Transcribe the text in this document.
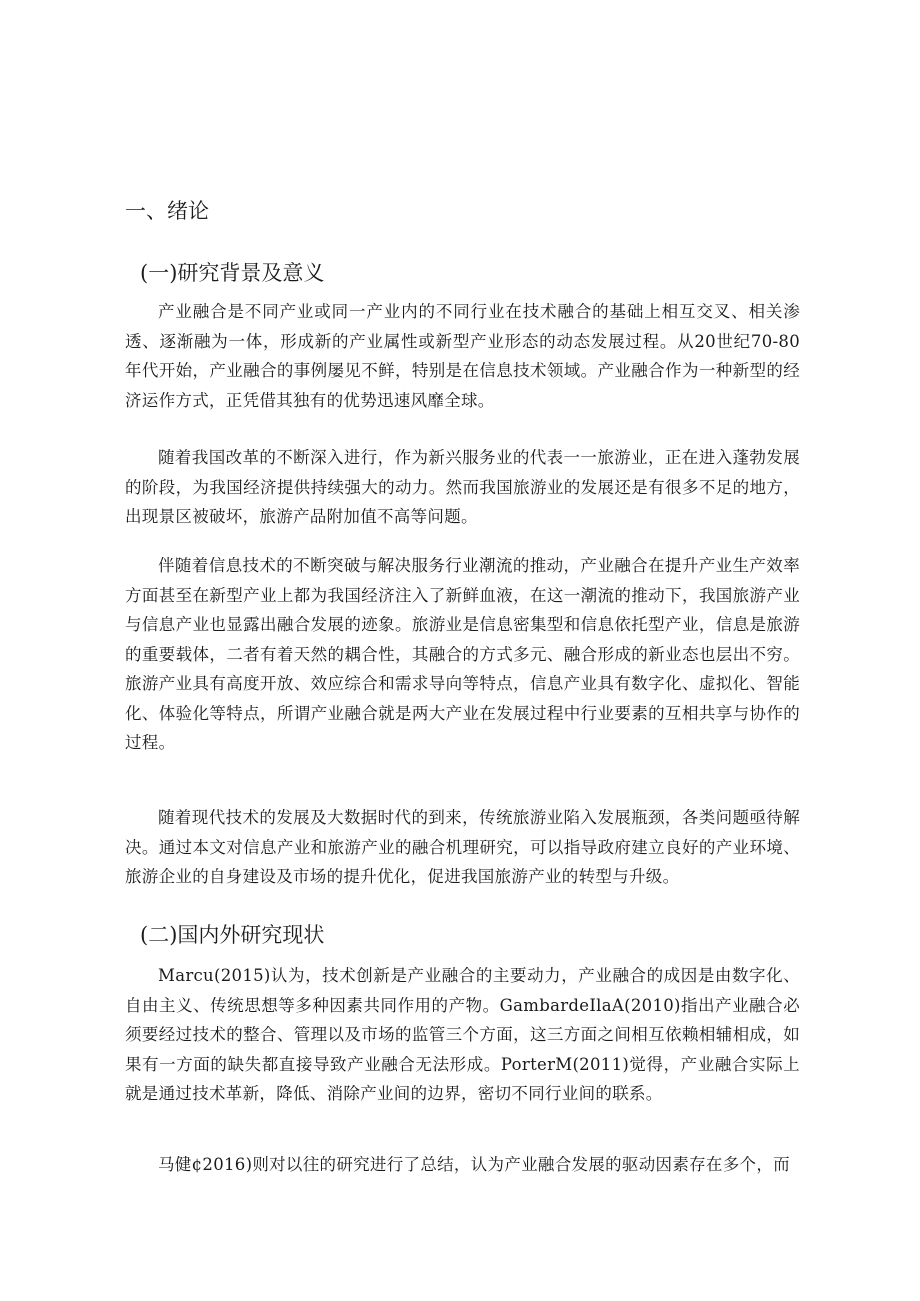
一、绪论
(一)研究背景及意义

产业融合是不同产业或同一产业内的不同行业在技术融合的基础上相互交叉、相关渗透、逐渐融为一体，形成新的产业属性或新型产业形态的动态发展过程。从20世纪70-80年代开始，产业融合的事例屡见不鲜，特别是在信息技术领域。产业融合作为一种新型的经济运作方式，正凭借其独有的优势迅速风靡全球。

随着我国改革的不断深入进行，作为新兴服务业的代表一一旅游业，正在进入蓬勃发展的阶段，为我国经济提供持续强大的动力。然而我国旅游业的发展还是有很多不足的地方，出现景区被破坏，旅游产品附加值不高等问题。

伴随着信息技术的不断突破与解决服务行业潮流的推动，产业融合在提升产业生产效率方面甚至在新型产业上都为我国经济注入了新鲜血液，在这一潮流的推动下，我国旅游产业与信息产业也显露出融合发展的迹象。旅游业是信息密集型和信息依托型产业，信息是旅游的重要载体，二者有着天然的耦合性，其融合的方式多元、融合形成的新业态也层出不穷。旅游产业具有高度开放、效应综合和需求导向等特点，信息产业具有数字化、虚拟化、智能化、体验化等特点，所谓产业融合就是两大产业在发展过程中行业要素的互相共享与协作的过程。

随着现代技术的发展及大数据时代的到来，传统旅游业陷入发展瓶颈，各类问题亟待解决。通过本文对信息产业和旅游产业的融合机理研究，可以指导政府建立良好的产业环境、旅游企业的自身建设及市场的提升优化，促进我国旅游产业的转型与升级。

(二)国内外研究现状

Marcu(2015)认为，技术创新是产业融合的主要动力，产业融合的成因是由数字化、自由主义、传统思想等多种因素共同作用的产物。GambardeIlaA(2010)指出产业融合必须要经过技术的整合、管理以及市场的监管三个方面，这三方面之间相互依赖相辅相成，如果有一方面的缺失都直接导致产业融合无法形成。PorterM(2011)觉得，产业融合实际上就是通过技术革新，降低、消除产业间的边界，密切不同行业间的联系。

马健¢2016)则对以往的研究进行了总结，认为产业融合发展的驱动因素存在多个，而
